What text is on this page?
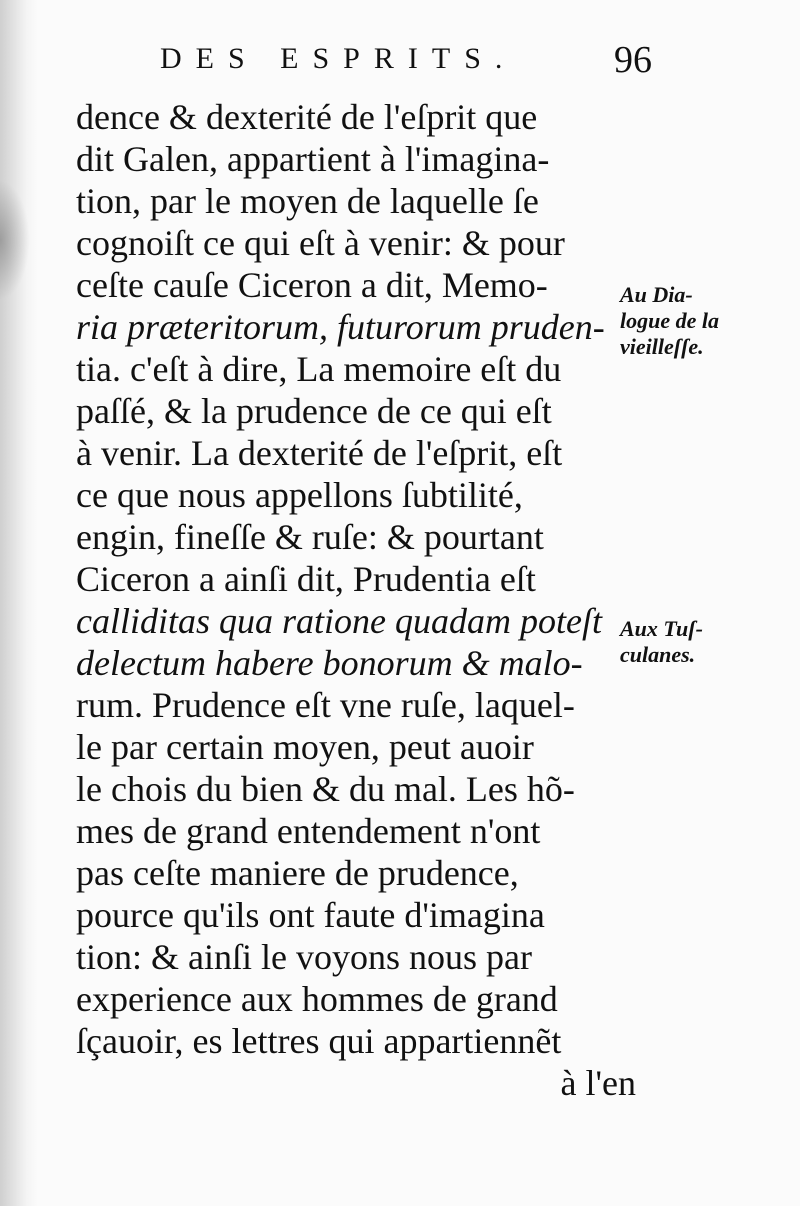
DES ESPRITS.	96
dence & dexterité de l'eſprit que
dit Galen, appartient à l'imagina-
tion, par le moyen de laquelle ſe
cognoiſt ce qui eſt à venir: & pour
ceſte cauſe Ciceron a dit, Memo-
ria præteritorum, futurorum pruden-
tia. c'eſt à dire, La memoire eſt du
paſſé, & la prudence de ce qui eſt
à venir. La dexterité de l'eſprit, eſt
ce que nous appellons ſubtilité,
engin, fineſſe & ruſe: & pourtant
Ciceron a ainſi dit, Prudentia eſt
calliditas qua ratione quadam poteſt
delectum habere bonorum & malo-
rum. Prudence eſt vne ruſe, laquel-
le par certain moyen, peut auoir
le chois du bien & du mal. Les hõ-
mes de grand entendement n'ont
pas ceſte maniere de prudence,
pource qu'ils ont faute d'imagina
tion: & ainſi le voyons nous par
experience aux hommes de grand
ſçauoir, es lettres qui appartiennẽt
à l'en
Au Dia-
logue de la
vieilleſſe.
Aux Tuſ-
culanes.
